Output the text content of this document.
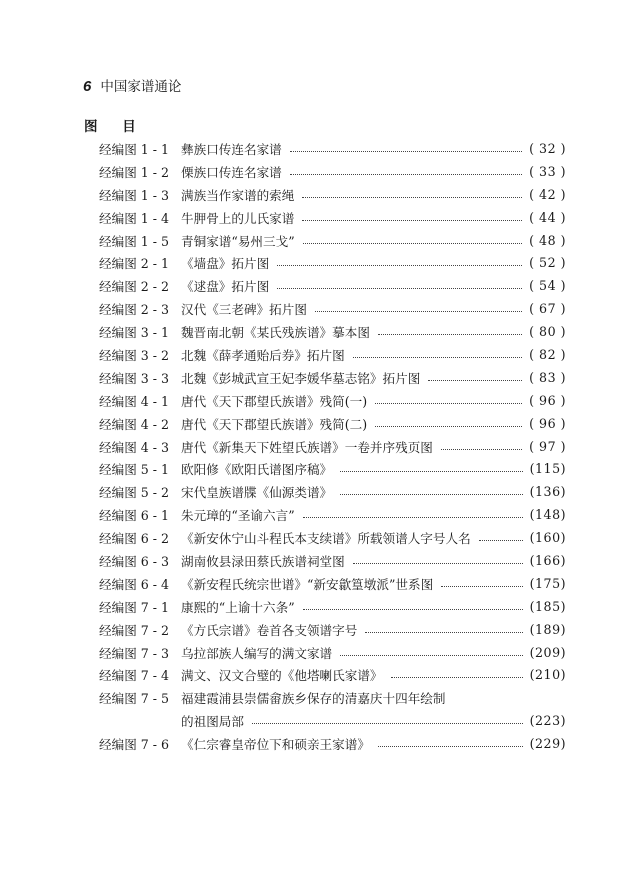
6 中国家谱通论
图 目
经编图 1 - 1 彝族口传连名家谱	( 32 )
经编图 1 - 2 傈族口传连名家谱	( 33 )
经编图 1 - 3 满族当作家谱的索绳	( 42 )
经编图 1 - 4 牛胛骨上的儿氏家谱	( 44 )
经编图 1 - 5 青铜家谱“易州三戈”	( 48 )
经编图 2 - 1 《墙盘》拓片图	( 52 )
经编图 2 - 2 《逑盘》拓片图	( 54 )
经编图 2 - 3 汉代《三老碑》拓片图	( 67 )
经编图 3 - 1 魏晋南北朝《某氏残族谱》摹本图	( 80 )
经编图 3 - 2 北魏《薛孝通贻后券》拓片图	( 82 )
经编图 3 - 3 北魏《彭城武宣王妃李媛华墓志铭》拓片图	( 83 )
经编图 4 - 1 唐代《天下郡望氏族谱》残简(一)	( 96 )
经编图 4 - 2 唐代《天下郡望氏族谱》残简(二)	( 96 )
经编图 4 - 3 唐代《新集天下姓望氏族谱》一卷并序残页图	( 97 )
经编图 5 - 1 欧阳修《欧阳氏谱图序稿》	(115)
经编图 5 - 2 宋代皇族谱牒《仙源类谱》	(136)
经编图 6 - 1 朱元璋的“圣谕六言”	(148)
经编图 6 - 2 《新安休宁山斗程氏本支续谱》所载领谱人字号人名	(160)
经编图 6 - 3 湖南攸县渌田蔡氏族谱祠堂图	(166)
经编图 6 - 4 《新安程氏统宗世谱》“新安歙篁墩派”世系图	(175)
经编图 7 - 1 康熙的“上谕十六条”	(185)
经编图 7 - 2 《方氏宗谱》卷首各支领谱字号	(189)
经编图 7 - 3 乌拉部族人编写的满文家谱	(209)
经编图 7 - 4 满文、汉文合璧的《他塔喇氏家谱》	(210)
经编图 7 - 5 福建霞浦县崇儒畲族乡保存的清嘉庆十四年绘制
的祖图局部	(223)
经编图 7 - 6 《仁宗睿皇帝位下和硕亲王家谱》	(229)
